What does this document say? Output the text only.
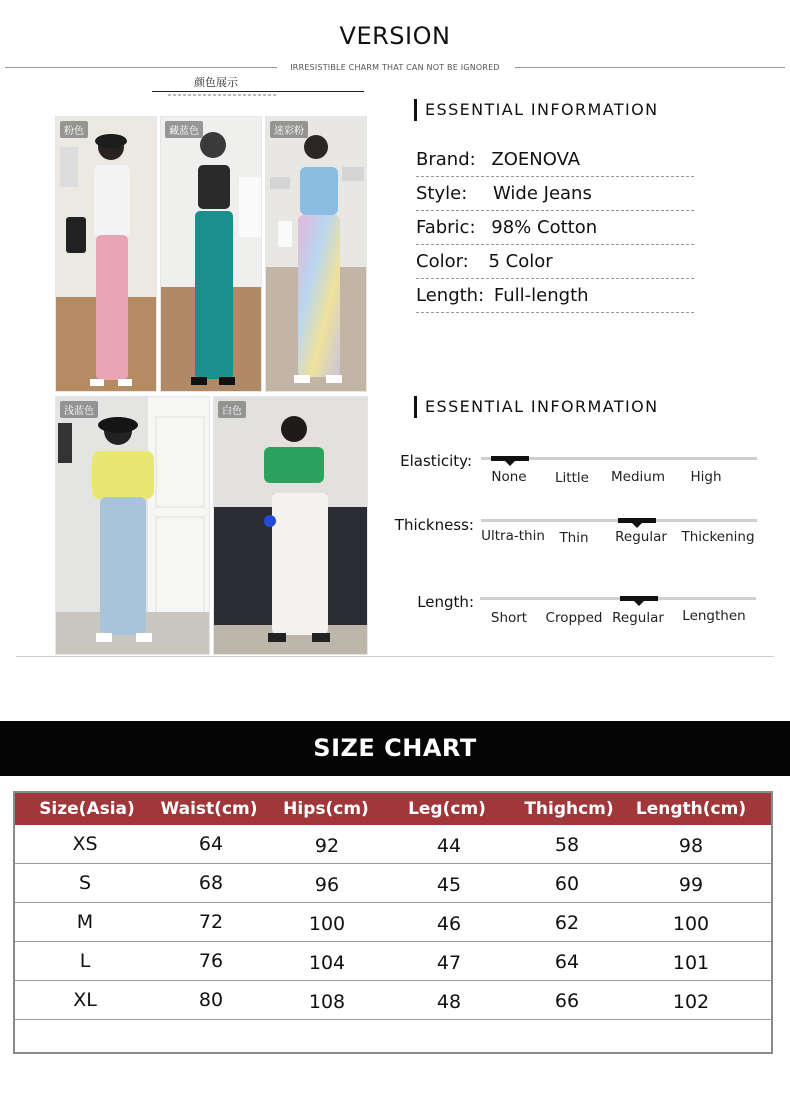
VERSION
IRRESISTIBLE CHARM THAT CAN NOT BE IGNORED
颜色展示
粉色	藏蓝色	迷彩粉
浅蓝色	白色
ESSENTIAL INFORMATION
Brand: ZOENOVA
Style: Wide Jeans
Fabric: 98% Cotton
Color: 5 Color
Length: Full-length
ESSENTIAL INFORMATION
Elasticity:
None	Little	Medium	High
Thickness:
Ultra-thin	Thin	Regular	Thickening
Length:
Short	Cropped Regular	Lengthen
SIZE CHART
Size(Asia)	Waist(cm)	Hips(cm)	Leg(cm)	Thighcm)	Length(cm)
XS	64	92	44	58	98
S	68	96	45	60	99
M	72	100	46	62	100
L	76	104	47	64	101
XL	80	108	48	66	102
